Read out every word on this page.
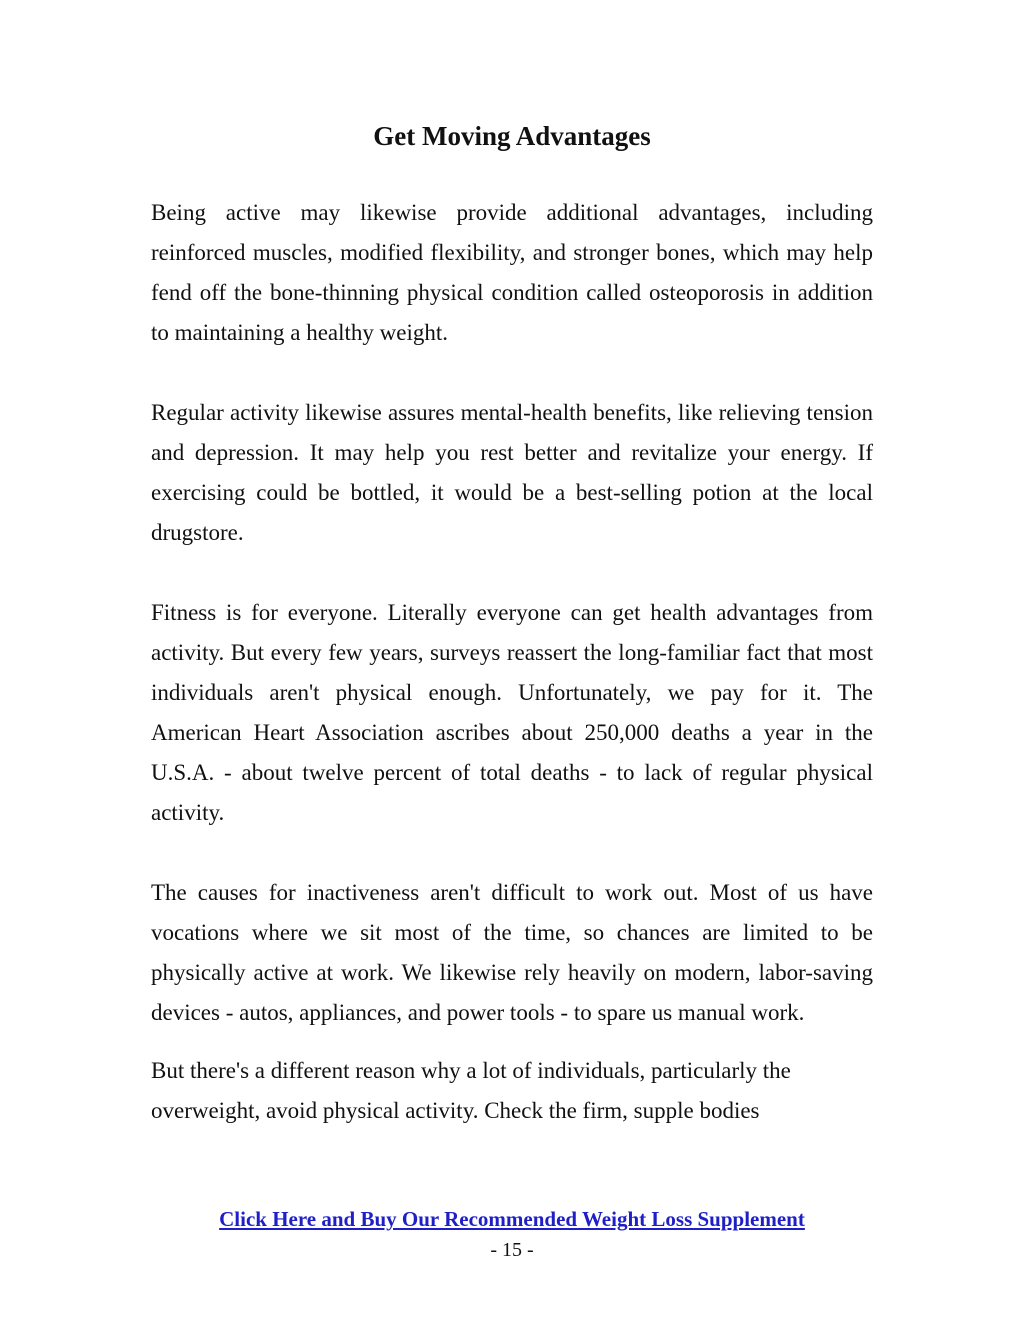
Get Moving Advantages

Being active may likewise provide additional advantages, including reinforced muscles, modified flexibility, and stronger bones, which may help fend off the bone-thinning physical condition called osteoporosis in addition to maintaining a healthy weight.

Regular activity likewise assures mental-health benefits, like relieving tension and depression. It may help you rest better and revitalize your energy. If exercising could be bottled, it would be a best-selling potion at the local drugstore.

Fitness is for everyone. Literally everyone can get health advantages from activity. But every few years, surveys reassert the long-familiar fact that most individuals aren't physical enough. Unfortunately, we pay for it. The American Heart Association ascribes about 250,000 deaths a year in the U.S.A. - about twelve percent of total deaths - to lack of regular physical activity.

The causes for inactiveness aren't difficult to work out. Most of us have vocations where we sit most of the time, so chances are limited to be physically active at work. We likewise rely heavily on modern, labor-saving devices - autos, appliances, and power tools - to spare us manual work.

But there's a different reason why a lot of individuals, particularly the overweight, avoid physical activity. Check the firm, supple bodies

Click Here and Buy Our Recommended Weight Loss Supplement
- 15 -
